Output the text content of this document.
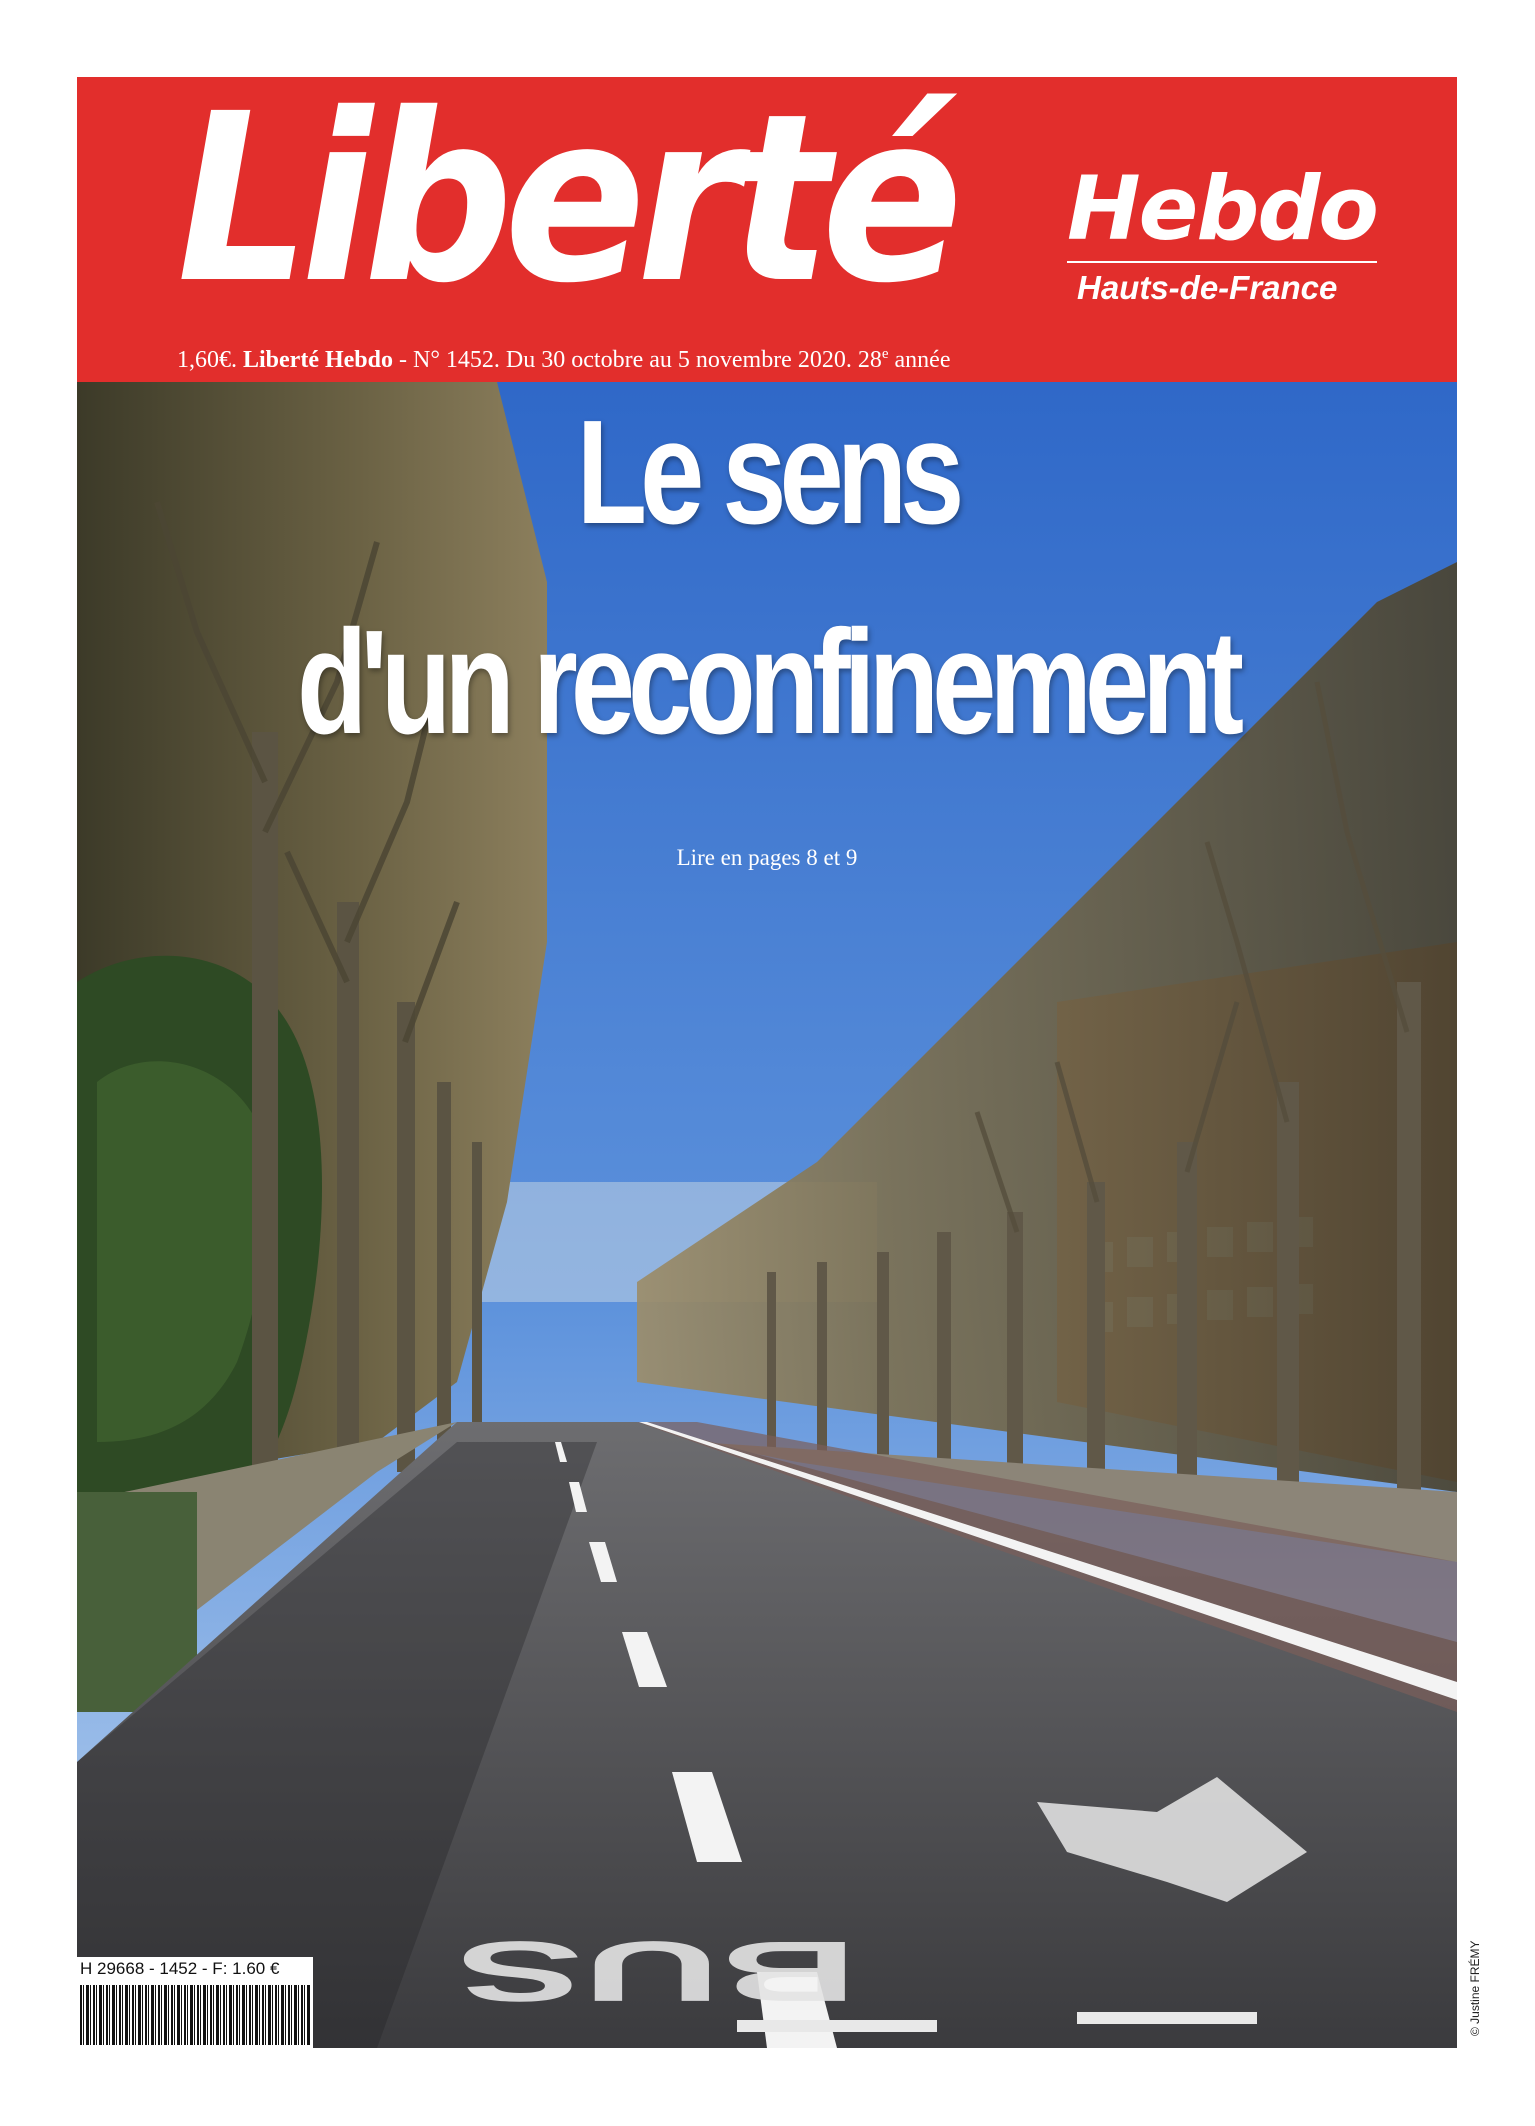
Liberté Hebdo
Hauts-de-France
1,60€. Liberté Hebdo - N° 1452. Du 30 octobre au 5 novembre 2020. 28e année
BUS
Le sens
d'un reconfinement
Lire en pages 8 et 9
H 29668 - 1452 - F: 1.60 €	© Justine FRÉMY
